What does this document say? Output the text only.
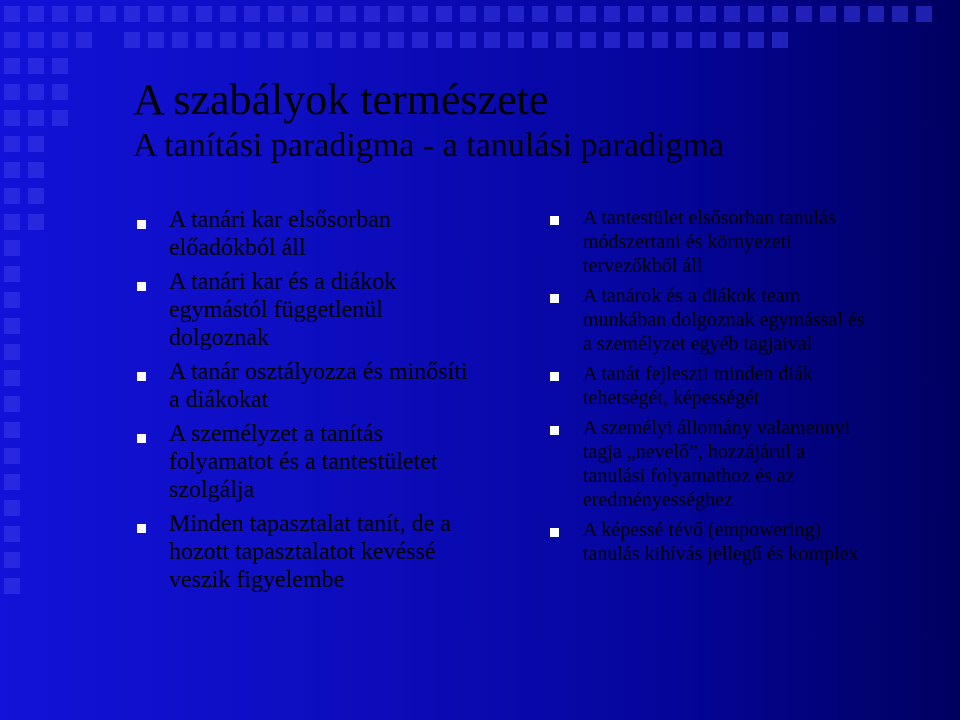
A szabályok természete
A tanítási paradigma - a tanulási paradigma
A tanári kar elsősorban
előadókból áll
A tanári kar és a diákok
egymástól függetlenül
dolgoznak
A tanár osztályozza és minősíti
a diákokat
A személyzet a tanítás
folyamatot és a tantestületet
szolgálja
Minden tapasztalat tanít, de a
hozott tapasztalatot kevéssé
veszik figyelembe
A tantestület elsősorban tanulás
módszertani és környezeti
tervezőkből áll
A tanárok és a diákok team
munkában dolgoznak egymással és
a személyzet egyéb tagjaival
A tanát fejleszti minden diák
tehetségét, képességét
A személyi állomány valamennyi
tagja „nevelő”, hozzájárul a
tanulási folyamathoz és az
eredményességhez
A képessé tévő (empowering)
tanulás kihívás jellegű és komplex
